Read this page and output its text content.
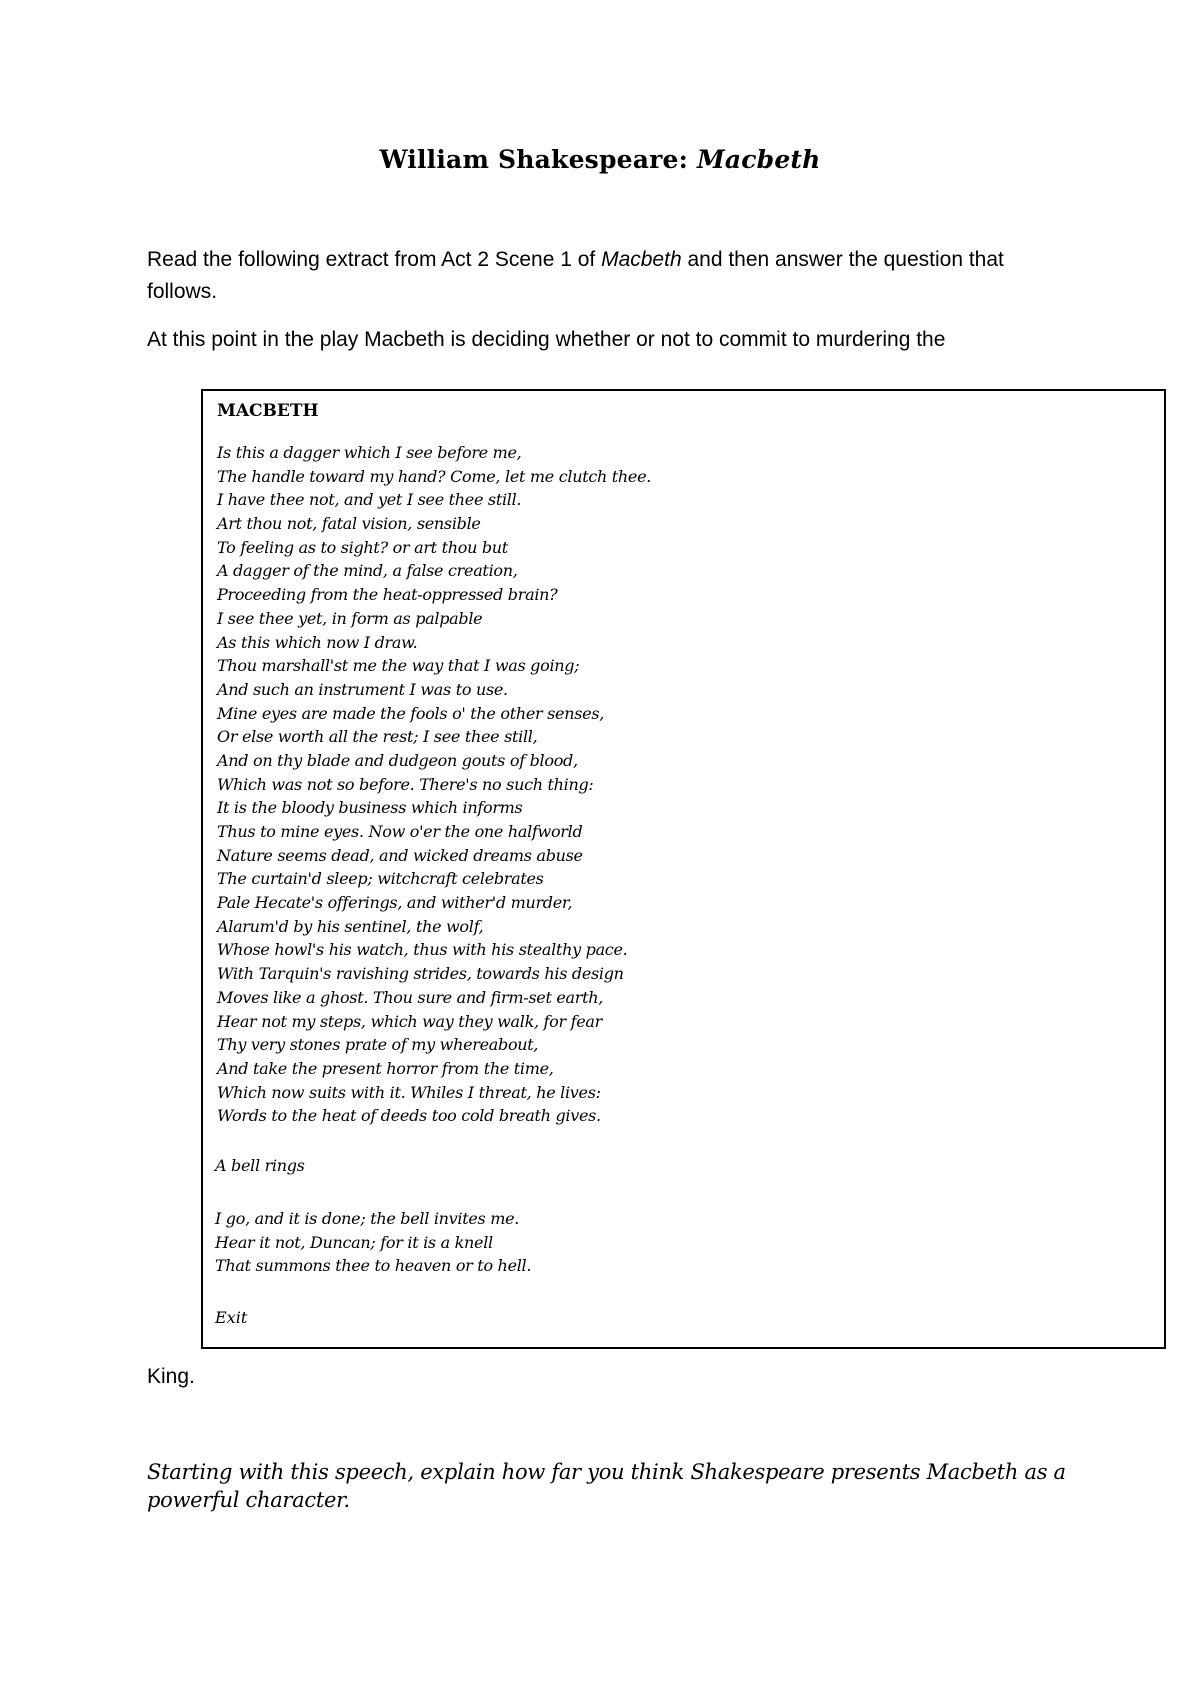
William Shakespeare: Macbeth
Read the following extract from Act 2 Scene 1 of Macbeth and then answer the question that follows.
At this point in the play Macbeth is deciding whether or not to commit to murdering the
MACBETH
Is this a dagger which I see before me,
The handle toward my hand? Come, let me clutch thee.
I have thee not, and yet I see thee still.
Art thou not, fatal vision, sensible
To feeling as to sight? or art thou but
A dagger of the mind, a false creation,
Proceeding from the heat-oppressed brain?
I see thee yet, in form as palpable
As this which now I draw.
Thou marshall'st me the way that I was going;
And such an instrument I was to use.
Mine eyes are made the fools o' the other senses,
Or else worth all the rest; I see thee still,
And on thy blade and dudgeon gouts of blood,
Which was not so before. There's no such thing:
It is the bloody business which informs
Thus to mine eyes. Now o'er the one halfworld
Nature seems dead, and wicked dreams abuse
The curtain'd sleep; witchcraft celebrates
Pale Hecate's offerings, and wither'd murder,
Alarum'd by his sentinel, the wolf,
Whose howl's his watch, thus with his stealthy pace.
With Tarquin's ravishing strides, towards his design
Moves like a ghost. Thou sure and firm-set earth,
Hear not my steps, which way they walk, for fear
Thy very stones prate of my whereabout,
And take the present horror from the time,
Which now suits with it. Whiles I threat, he lives:
Words to the heat of deeds too cold breath gives.
King.
Starting with this speech, explain how far you think Shakespeare presents Macbeth as a powerful character.
A bell rings
I go, and it is done; the bell invites me.
Hear it not, Duncan; for it is a knell
That summons thee to heaven or to hell.
Exit
